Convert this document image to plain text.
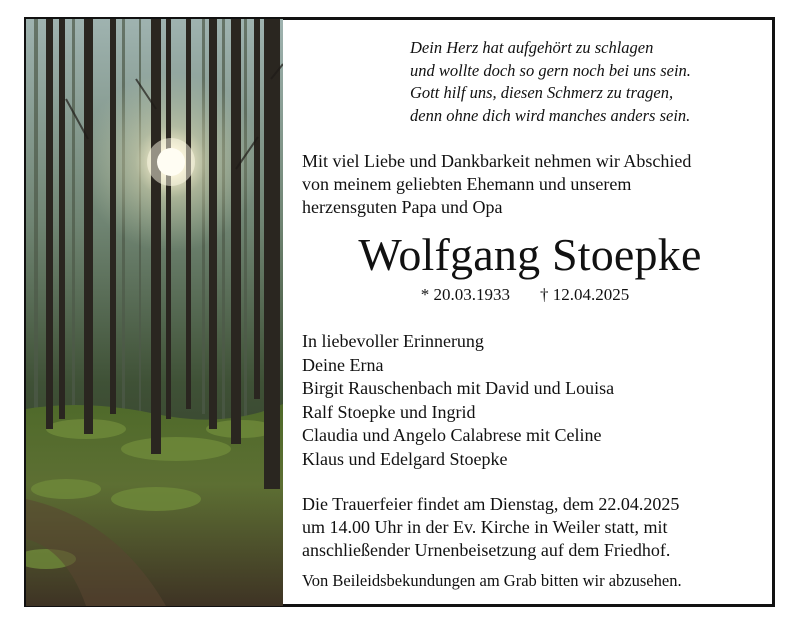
Dein Herz hat aufgehört zu schlagen
und wollte doch so gern noch bei uns sein.
Gott hilf uns, diesen Schmerz zu tragen,
denn ohne dich wird manches anders sein.
Mit viel Liebe und Dankbarkeit nehmen wir Abschied
von meinem geliebten Ehemann und unserem
herzensguten Papa und Opa
Wolfgang Stoepke
* 20.03.1933 † 12.04.2025
In liebevoller Erinnerung
Deine Erna
Birgit Rauschenbach mit David und Louisa
Ralf Stoepke und Ingrid
Claudia und Angelo Calabrese mit Celine
Klaus und Edelgard Stoepke
Die Trauerfeier findet am Dienstag, dem 22.04.2025
um 14.00 Uhr in der Ev. Kirche in Weiler statt, mit
anschließender Urnenbeisetzung auf dem Friedhof.
Von Beileidsbekundungen am Grab bitten wir abzusehen.
